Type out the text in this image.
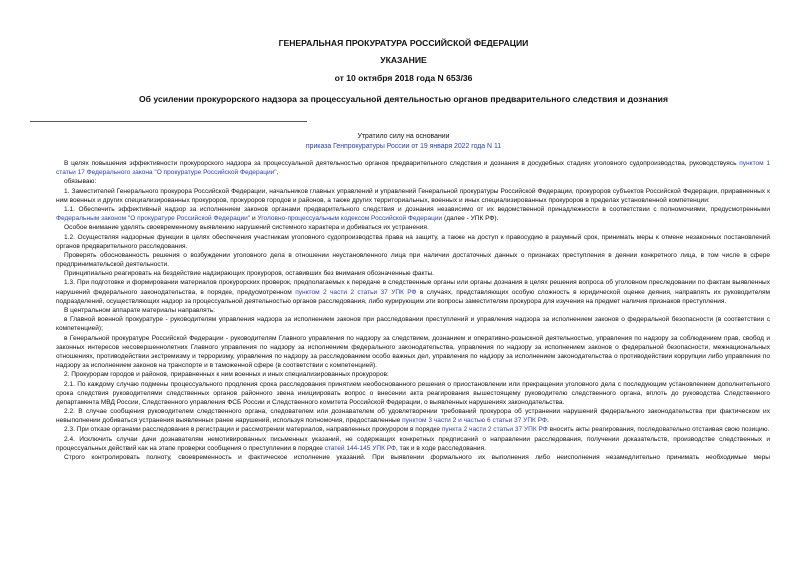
ГЕНЕРАЛЬНАЯ ПРОКУРАТУРА РОССИЙСКОЙ ФЕДЕРАЦИИ
УКАЗАНИЕ
от 10 октября 2018 года N 653/36
Об усилении прокурорского надзора за процессуальной деятельностью органов предварительного следствия и дознания
Утратило силу на основании
приказа Генпрокуратуры России от 19 января 2022 года N 11

В целях повышения эффективности прокурорского надзора за процессуальной деятельностью органов предварительного следствия и дознания в досудебных стадиях уголовного судопроизводства, руководствуясь пунктом 1 статьи 17 Федерального закона "О прокуратуре Российской Федерации",

обязываю:

1. Заместителей Генерального прокурора Российской Федерации, начальников главных управлений и управлений Генеральной прокуратуры Российской Федерации, прокуроров субъектов Российской Федерации, приравненных к ним военных и других специализированных прокуроров, прокуроров городов и районов, а также других территориальных, военных и иных специализированных прокуроров в пределах установленной компетенции:

1.1. Обеспечить эффективный надзор за исполнением законов органами предварительного следствия и дознания независимо от их ведомственной принадлежности в соответствии с полномочиями, предусмотренными Федеральным законом "О прокуратуре Российской Федерации" и Уголовно-процессуальным кодексом Российской Федерации (далее - УПК РФ).

Особое внимание уделять своевременному выявлению нарушений системного характера и добиваться их устранения.

1.2. Осуществляя надзорные функции в целях обеспечения участникам уголовного судопроизводства права на защиту, а также на доступ к правосудию в разумный срок, принимать меры к отмене незаконных постановлений органов предварительного расследования.

Проверять обоснованность решения о возбуждении уголовного дела в отношении неустановленного лица при наличии достаточных данных о признаках преступления в деянии конкретного лица, в том числе в сфере предпринимательской деятельности.

Принципиально реагировать на бездействие надзирающих прокуроров, оставивших без внимания обозначенные факты.

1.3. При подготовке и формировании материалов прокурорских проверок, предполагаемых к передаче в следственные органы или органы дознания в целях решения вопроса об уголовном преследовании по фактам выявленных нарушений федерального законодательства, в порядке, предусмотренном пунктом 2 части 2 статьи 37 УПК РФ в случаях, представляющих особую сложность в юридической оценке деяния, направлять их руководителям подразделений, осуществляющих надзор за процессуальной деятельностью органов расследования, либо курирующим эти вопросы заместителям прокурора для изучения на предмет наличия признаков преступления.

В центральном аппарате материалы направлять:

в Главной военной прокуратуре - руководителям управления надзора за исполнением законов при расследовании преступлений и управления надзора за исполнением законов о федеральной безопасности (в соответствии с компетенцией);

в Генеральной прокуратуре Российской Федерации - руководителям Главного управления по надзору за следствием, дознанием и оперативно-розыскной деятельностью, управления по надзору за соблюдением прав, свобод и законных интересов несовершеннолетних Главного управления по надзору за исполнением федерального законодательства, управления по надзору за исполнением законов о федеральной безопасности, межнациональных отношениях, противодействии экстремизму и терроризму, управления по надзору за расследованием особо важных дел, управления по надзору за исполнением законодательства о противодействии коррупции либо управления по надзору за исполнением законов на транспорте и в таможенной сфере (в соответствии с компетенцией).

2. Прокурорам городов и районов, приравненных к ним военных и иных специализированных прокуроров:

2.1. По каждому случаю подмены процессуального продления срока расследования принятием необоснованного решения о приостановлении или прекращении уголовного дела с последующим установлением дополнительного срока следствия руководителями следственных органов районного звена инициировать вопрос о внесении акта реагирования вышестоящему руководителю следственного органа, вплоть до руководства Следственного департамента МВД России, Следственного управления ФСБ России и Следственного комитета Российской Федерации, о выявленных нарушениях законодательства.

2.2. В случае сообщения руководителем следственного органа, следователем или дознавателем об удовлетворении требований прокурора об устранении нарушений федерального законодательства при фактическом их невыполнении добиваться устранения выявленных ранее нарушений, используя полномочия, предоставленные пунктом 3 части 2 и частью 6 статьи 37 УПК РФ.

2.3. При отказе органами расследования в регистрации и рассмотрении материалов, направленных прокурором в порядке пункта 2 части 2 статьи 37 УПК РФ вносить акты реагирования, последовательно отстаивая свою позицию.

2.4. Исключить случаи дачи дознавателям немотивированных письменных указаний, не содержащих конкретных предписаний о направлении расследования, получении доказательств, производстве следственных и процессуальных действий как на этапе проверки сообщения о преступлении в порядке статей 144-145 УПК РФ, так и в ходе расследования.

Строго контролировать полноту, своевременность и фактическое исполнение указаний. При выявлении формального их выполнения либо неисполнения незамедлительно принимать необходимые меры
